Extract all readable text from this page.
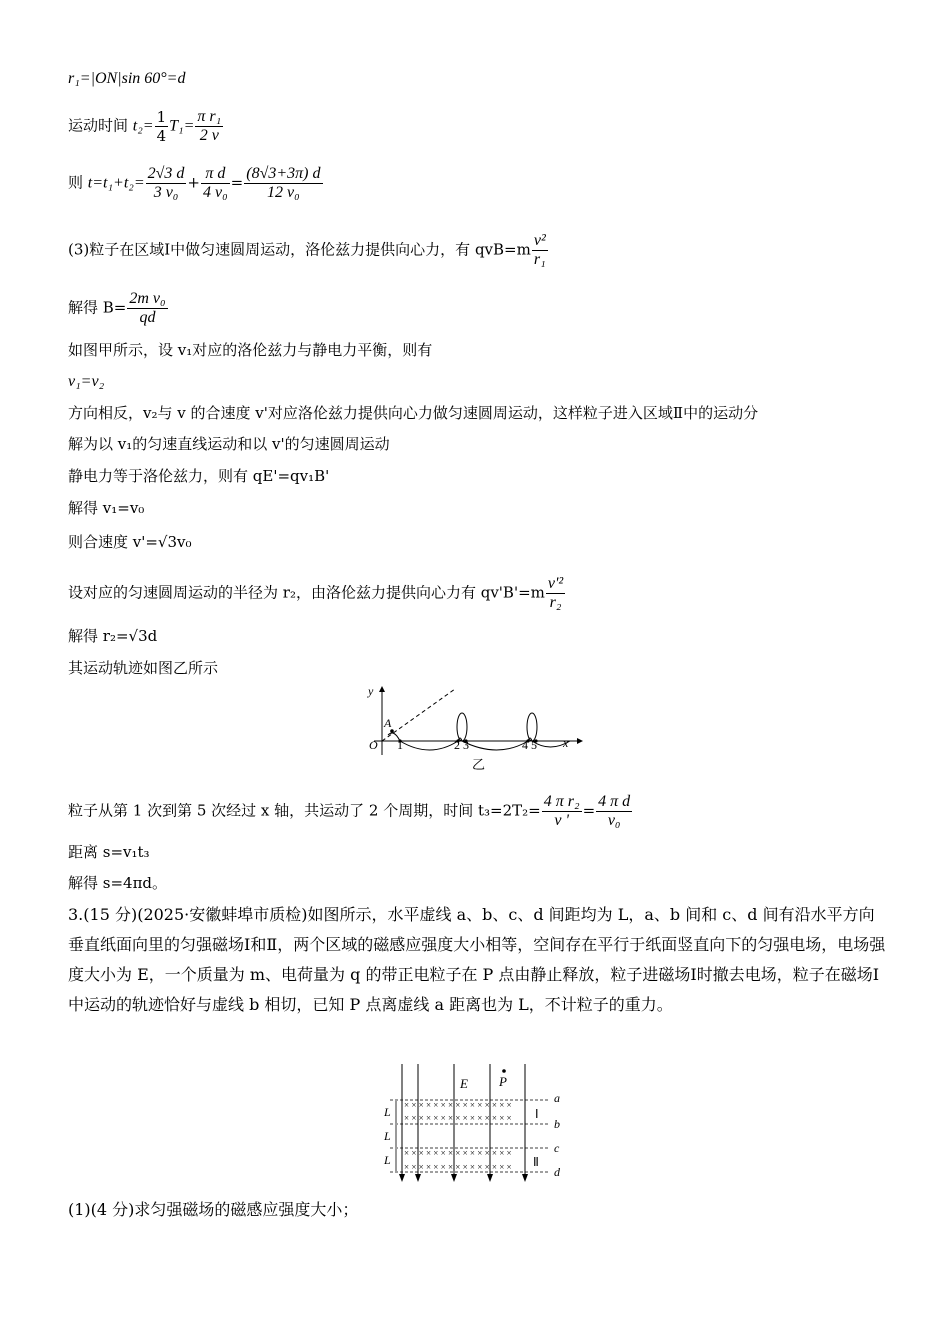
r₁=|ON|sin 60°=d
运动时间 $t_2= \frac{1}{4} T_1= \frac{\text{π r₁}}{2 v}$
则 $t=t_1+t_2= \frac{2√3 d}{\text{3 v₀}} + \frac{\text{π d}}{\text{4 v₀}} = \frac{(8√3+3\pi) d}{\text{12 v₀}}$
(3)粒子在区域Ⅰ中做匀速圆周运动，洛伦兹力提供向心力，有 $qvB=m \frac{\text{v²}}{\text{r₁}}$
解得 $B= \frac{\text{2m v₀}}{qd}$
如图甲所示，设 v₁对应的洛伦兹力与静电力平衡，则有
v₁=v₂
方向相反，v₂与 v 的合速度 v'对应洛伦兹力提供向心力做匀速圆周运动，这样粒子进入区域Ⅱ中的运动分
解为以 v₁的匀速直线运动和以 v'的匀速圆周运动
静电力等于洛伦兹力，则有 qE'=qv₁B'
解得 v₁=v₀
则合速度 v'=√3v₀
设对应的匀速圆周运动的半径为 r₂，由洛伦兹力提供向心力有 $qv'B'=m \frac{\text{v'²}}{\text{r₂}}$
解得 r₂=√3d
其运动轨迹如图乙所示
y
x
O
A
1	2 3	4 5
乙
粒子从第 1 次到第 5 次经过 x 轴，共运动了 2 个周期，时间 $t_3=2T_2= \frac{\text{4 π r₂}}{v '} = \frac{\text{4 π d}}{\text{v₀}}$
距离 s=v₁t₃
解得 s=4πd。
3.(15 分)(2025·安徽蚌埠市质检)如图所示，水平虚线 a、b、c、d 间距均为 L，a、b 间和 c、d 间有沿水平方向垂直纸面向里的匀强磁场Ⅰ和Ⅱ，两个区域的磁感应强度大小相等，空间存在平行于纸面竖直向下的匀强电场，电场强度大小为 E，一个质量为 m、电荷量为 q 的带正电粒子在 P 点由静止释放，粒子进磁场Ⅰ时撤去电场，粒子在磁场Ⅰ中运动的轨迹恰好与虚线 b 相切，已知 P 点离虚线 a 距离也为 L，不计粒子的重力。
× × × × × × × × × × × × × × ×
× × × × × × × × × × × × × × ×
× × × × × × × × × × × × × × ×
× × × × × × × × × × × × × × ×
L
L
L
E P
Ⅰ
Ⅱ
a
b
c
d
(1)(4 分)求匀强磁场的磁感应强度大小；
